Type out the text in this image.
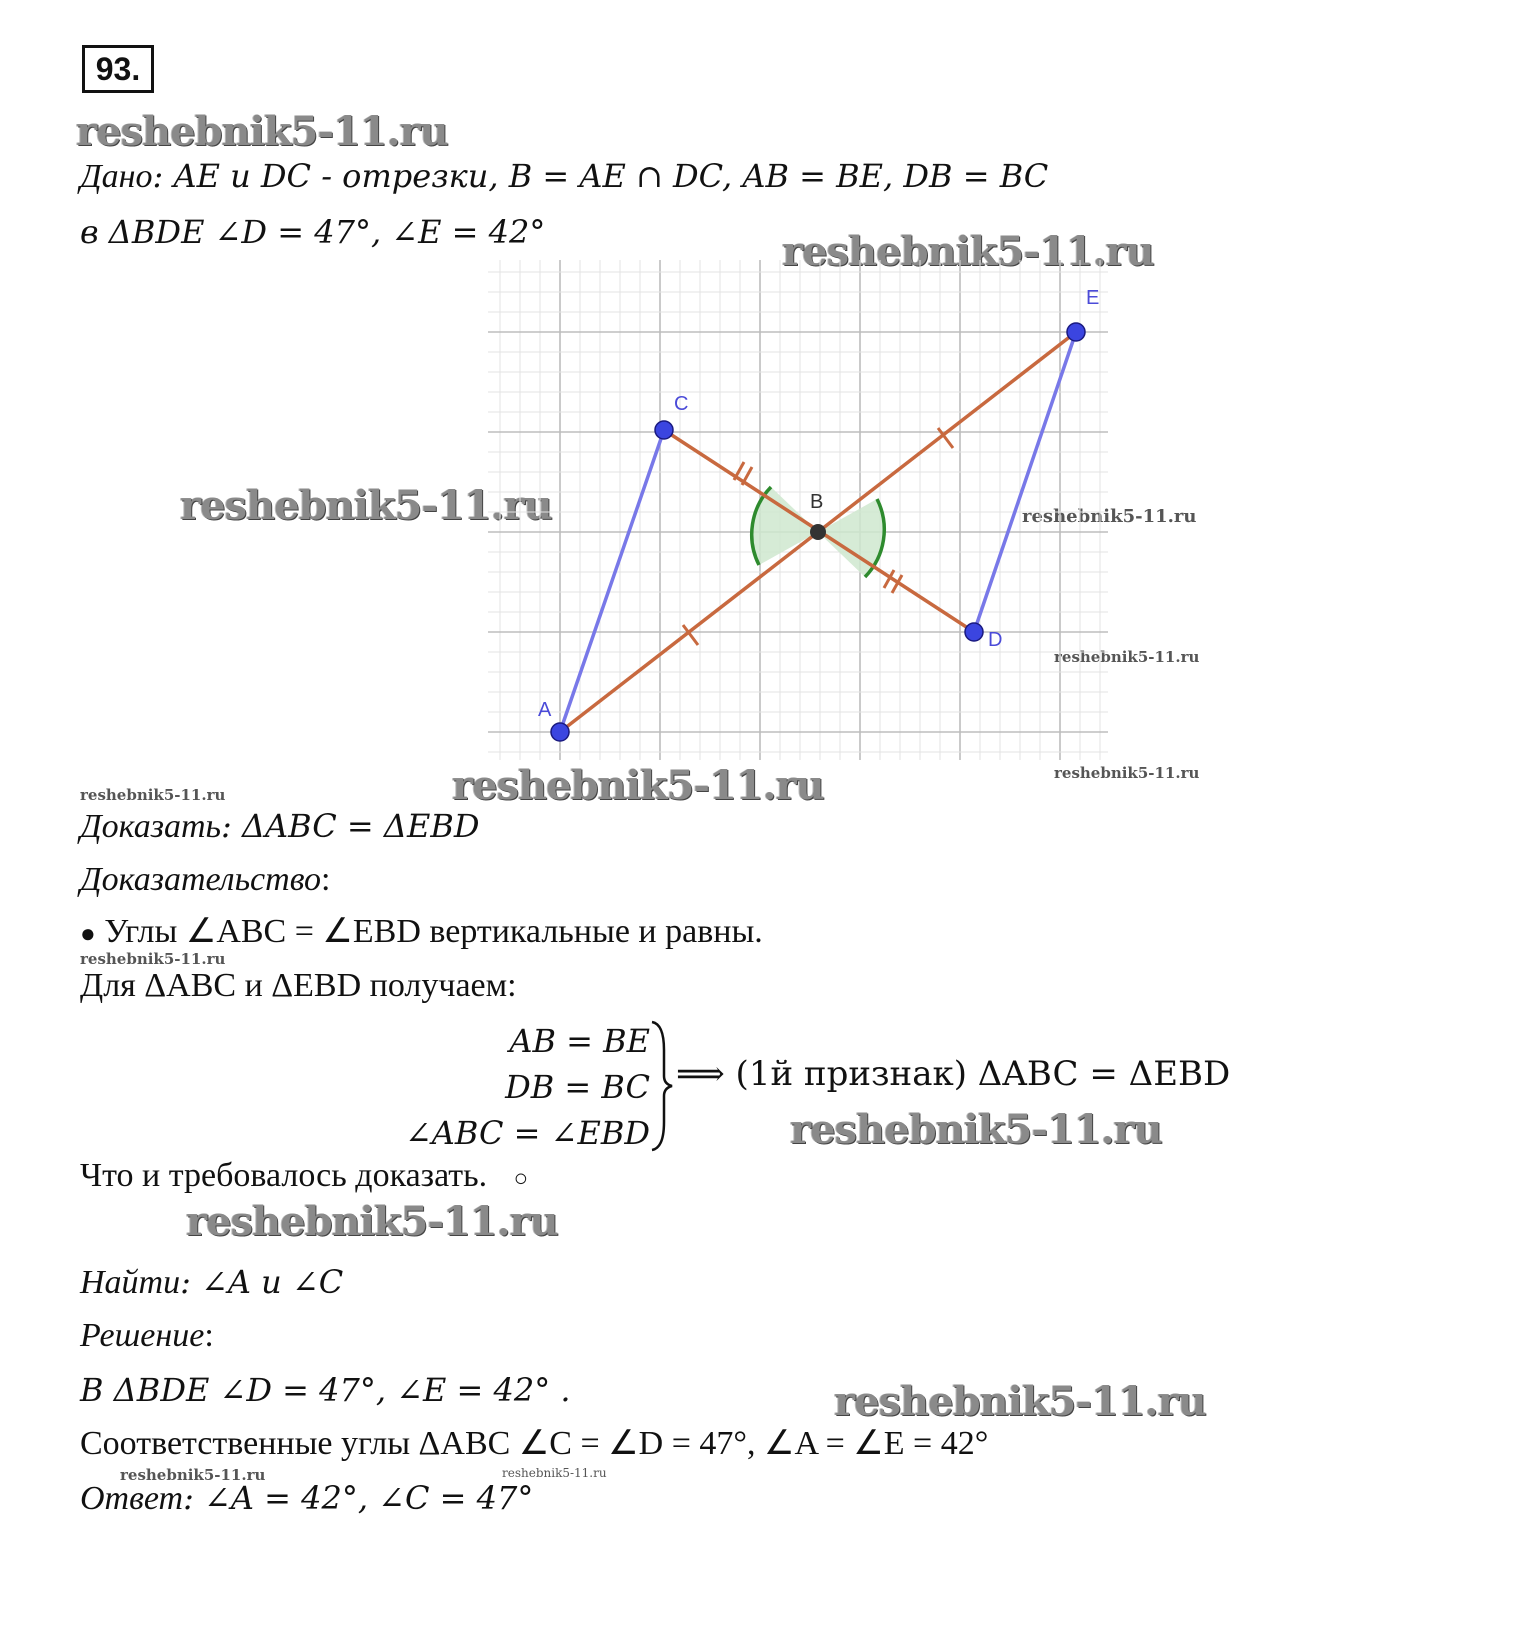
93.
reshebnik5-11.ru
reshebnik5-11.ru
reshebnik5-11.ru	reshebnik5-11.ru
reshebnik5-11.ru
reshebnik5-11.ru
reshebnik5-11.ru
reshebnik5-11.ru
reshebnik5-11.ru
reshebnik5-11.ru
reshebnik5-11.ru
reshebnik5-11.ru
reshebnik5-11.ru	reshebnik5-11.ru
Дано: AE и DC - отрезки, B = AE ∩ DC, AB = BE, DB = BC
в ΔBDE ∠D = 47°, ∠E = 42°
A
B
C
D
E
Доказать: ΔABC = ΔEBD
Доказательство:
● Углы ∠ABC = ∠EBD вертикальные и равны.
Для ΔABC и ΔEBD получаем:
AB = BE
DB = BC
∠ABC = ∠EBD
⟹ (1й признак) ΔABC = ΔEBD
Что и требовалось доказать. ○
Найти: ∠A и ∠C
Решение:
В ΔBDE ∠D = 47°, ∠E = 42° .
Соответственные углы ΔABC ∠C = ∠D = 47°, ∠A = ∠E = 42°
Ответ: ∠A = 42°, ∠C = 47°
